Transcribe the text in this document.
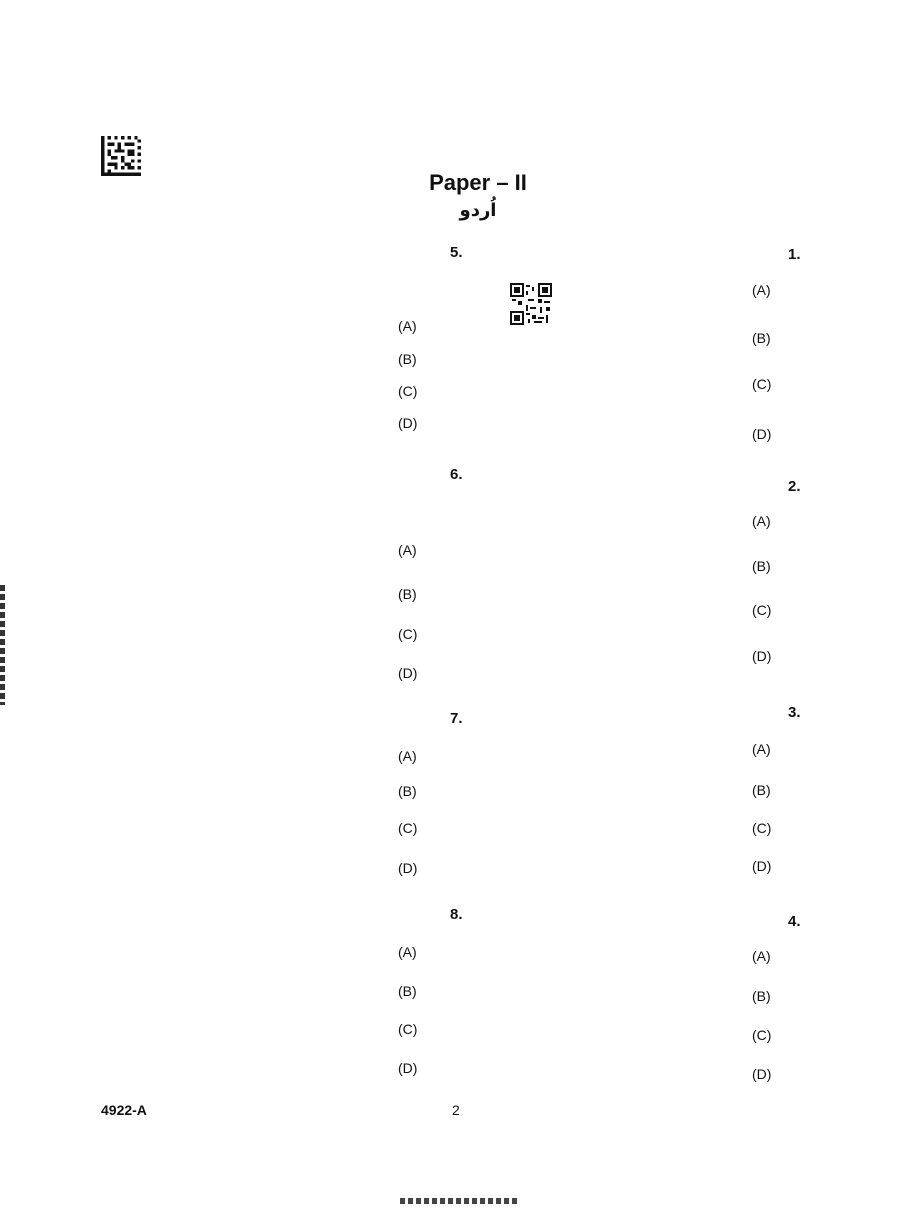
Paper – II
اُردو
1.
(A)
(B)
(C)
(D)
2.
(A)
(B)
(C)
(D)
3.
(A)
(B)
(C)
(D)
4.
(A)
(B)
(C)
(D)
5.
(A)
(B)
(C)
(D)
6.
(A)
(B)
(C)
(D)
7.
(A)
(B)
(C)
(D)
8.
(A)
(B)
(C)
(D)
4922-A	2
